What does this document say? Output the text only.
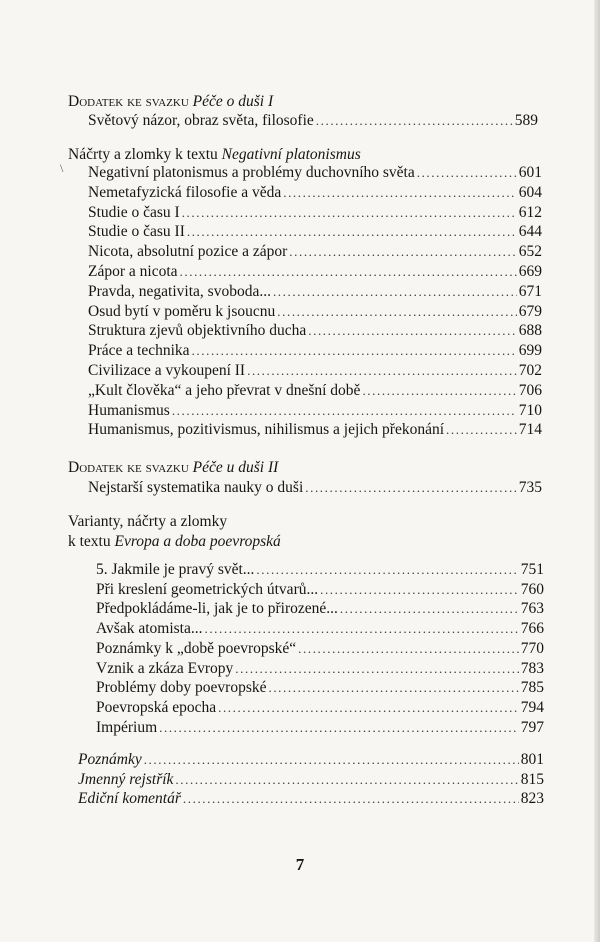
Dodatek ke svazku Péče o duši I
Světový názor, obraz světa, filosofie .....	589
\
Náčrty a zlomky k textu Negativní platonismus
Negativní platonismus a problémy duchovního světa .....	601
Nemetafyzická filosofie a věda .....	604
Studie o času I .....	612
Studie o času II .....	644
Nicota, absolutní pozice a zápor .....	652
Zápor a nicota .....	669
Pravda, negativita, svoboda... .....	671
Osud bytí v poměru k jsoucnu .....	679
Struktura zjevů objektivního ducha .....	688
Práce a technika .....	699
Civilizace a vykoupení II .....	702
„Kult člověka“ a jeho převrat v dnešní době .....	706
Humanismus .....	710
Humanismus, pozitivismus, nihilismus a jejich překonání .....	714
Dodatek ke svazku Péče u duši II
Nejstarší systematika nauky o duši .....	735
Varianty, náčrty a zlomky
k textu Evropa a doba poevropská
5. Jakmile je pravý svět... .....	751
Při kreslení geometrických útvarů... .....	760
Předpokládáme-li, jak je to přirozené... .....	763
Avšak atomista... .....	766
Poznámky k „době poevropské“ .....	770
Vznik a zkáza Evropy .....	783
Problémy doby poevropské .....	785
Poevropská epocha .....	794
Impérium .....	797
Poznámky .....	801
Jmenný rejstřík .....	815
Ediční komentář .....	823
7
